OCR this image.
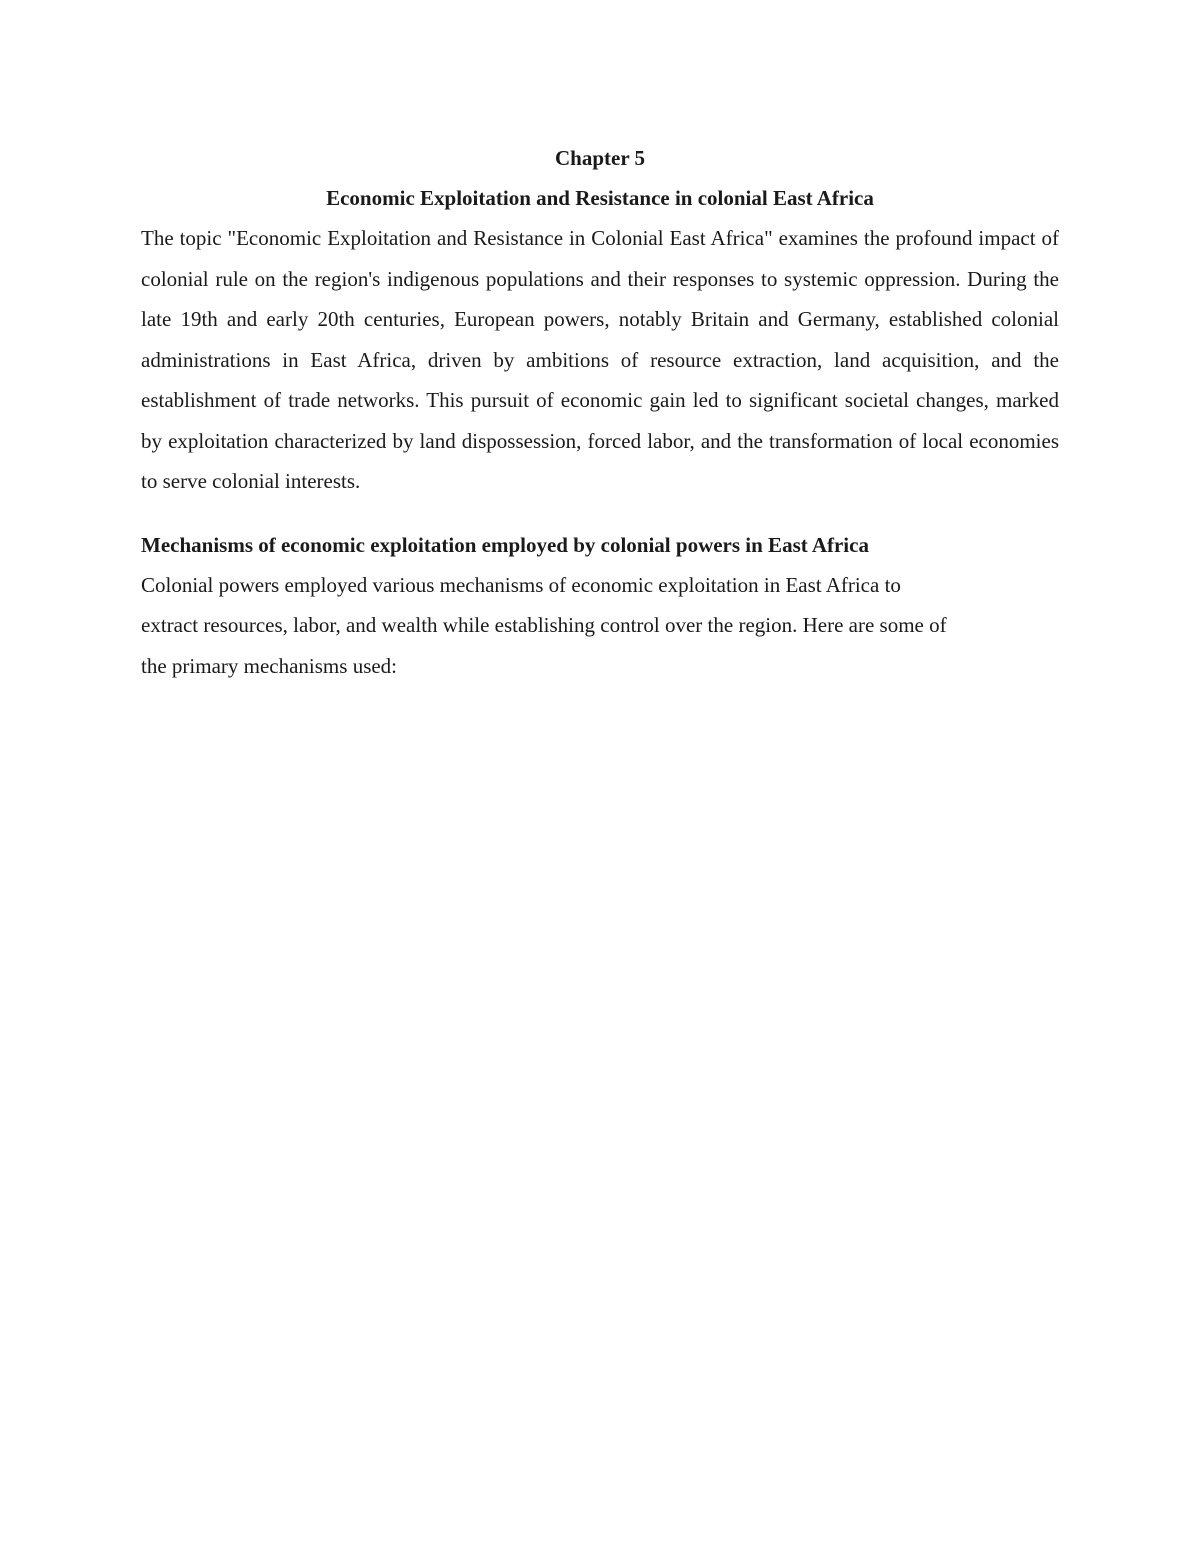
Chapter 5

Economic Exploitation and Resistance in colonial East Africa

The topic "Economic Exploitation and Resistance in Colonial East Africa" examines the profound impact of colonial rule on the region's indigenous populations and their responses to systemic oppression. During the late 19th and early 20th centuries, European powers, notably Britain and Germany, established colonial administrations in East Africa, driven by ambitions of resource extraction, land acquisition, and the establishment of trade networks. This pursuit of economic gain led to significant societal changes, marked by exploitation characterized by land dispossession, forced labor, and the transformation of local economies to serve colonial interests.

Mechanisms of economic exploitation employed by colonial powers in East Africa

Colonial powers employed various mechanisms of economic exploitation in East Africa to
extract resources, labor, and wealth while establishing control over the region. Here are some of
the primary mechanisms used:
